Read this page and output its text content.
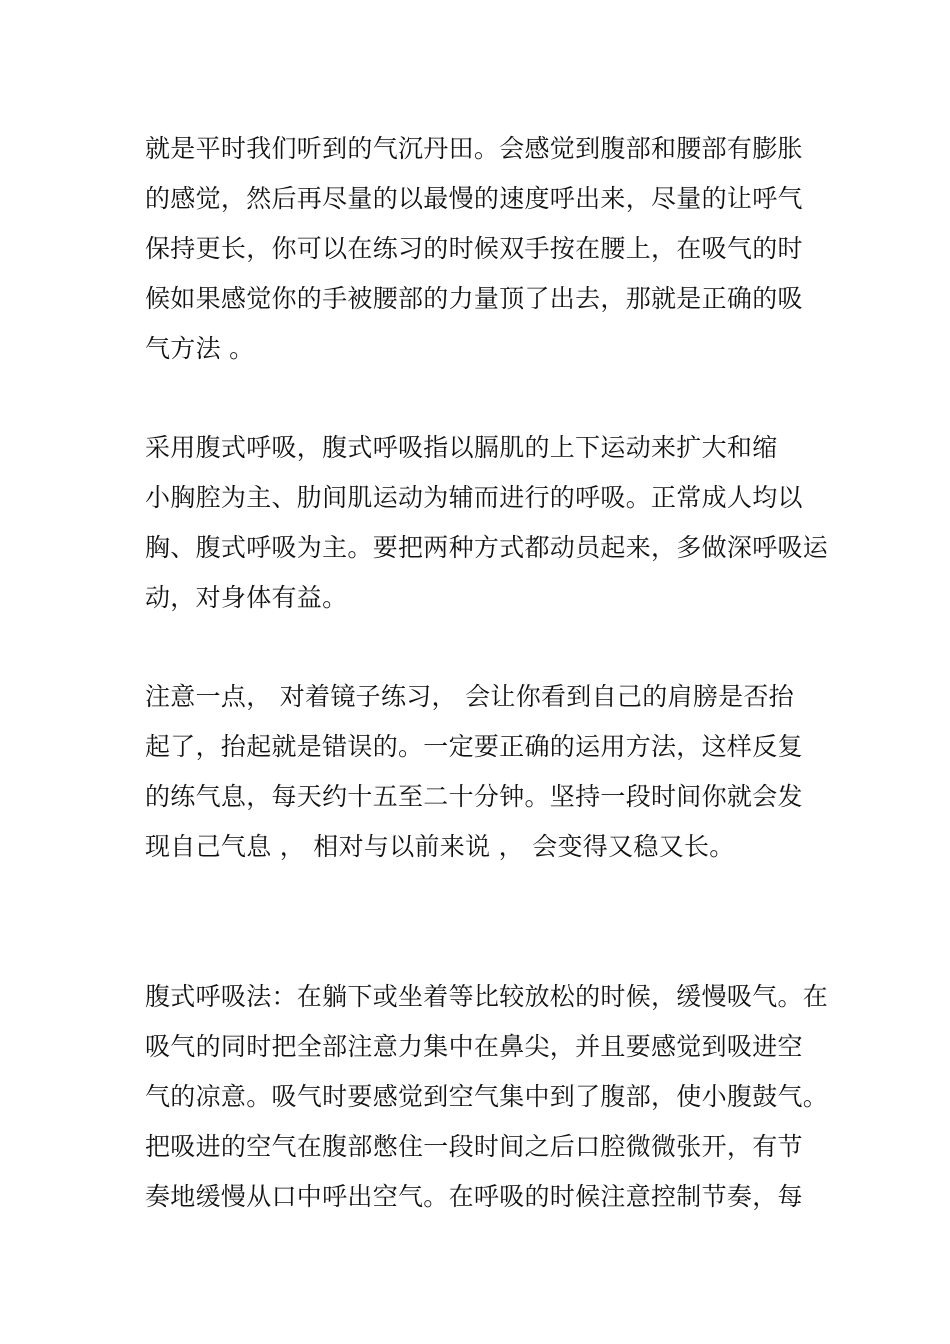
就是平时我们听到的气沉丹田。会感觉到腹部和腰部有膨胀
的感觉，然后再尽量的以最慢的速度呼出来，尽量的让呼气
保持更长，你可以在练习的时候双手按在腰上，在吸气的时
候如果感觉你的手被腰部的力量顶了出去，那就是正确的吸
气方法 。
采用腹式呼吸，腹式呼吸指以膈肌的上下运动来扩大和缩
小胸腔为主、肋间肌运动为辅而进行的呼吸。正常成人均以
胸、腹式呼吸为主。要把两种方式都动员起来，多做深呼吸运
动，对身体有益。
注意一点， 对着镜子练习， 会让你看到自己的肩膀是否抬
起了，抬起就是错误的。一定要正确的运用方法，这样反复
的练气息，每天约十五至二十分钟。坚持一段时间你就会发
现自己气息 ， 相对与以前来说 ， 会变得又稳又长。
腹式呼吸法：在躺下或坐着等比较放松的时候，缓慢吸气。在
吸气的同时把全部注意力集中在鼻尖，并且要感觉到吸进空
气的凉意。吸气时要感觉到空气集中到了腹部，使小腹鼓气。
把吸进的空气在腹部憋住一段时间之后口腔微微张开，有节
奏地缓慢从口中呼出空气。在呼吸的时候注意控制节奏，每
